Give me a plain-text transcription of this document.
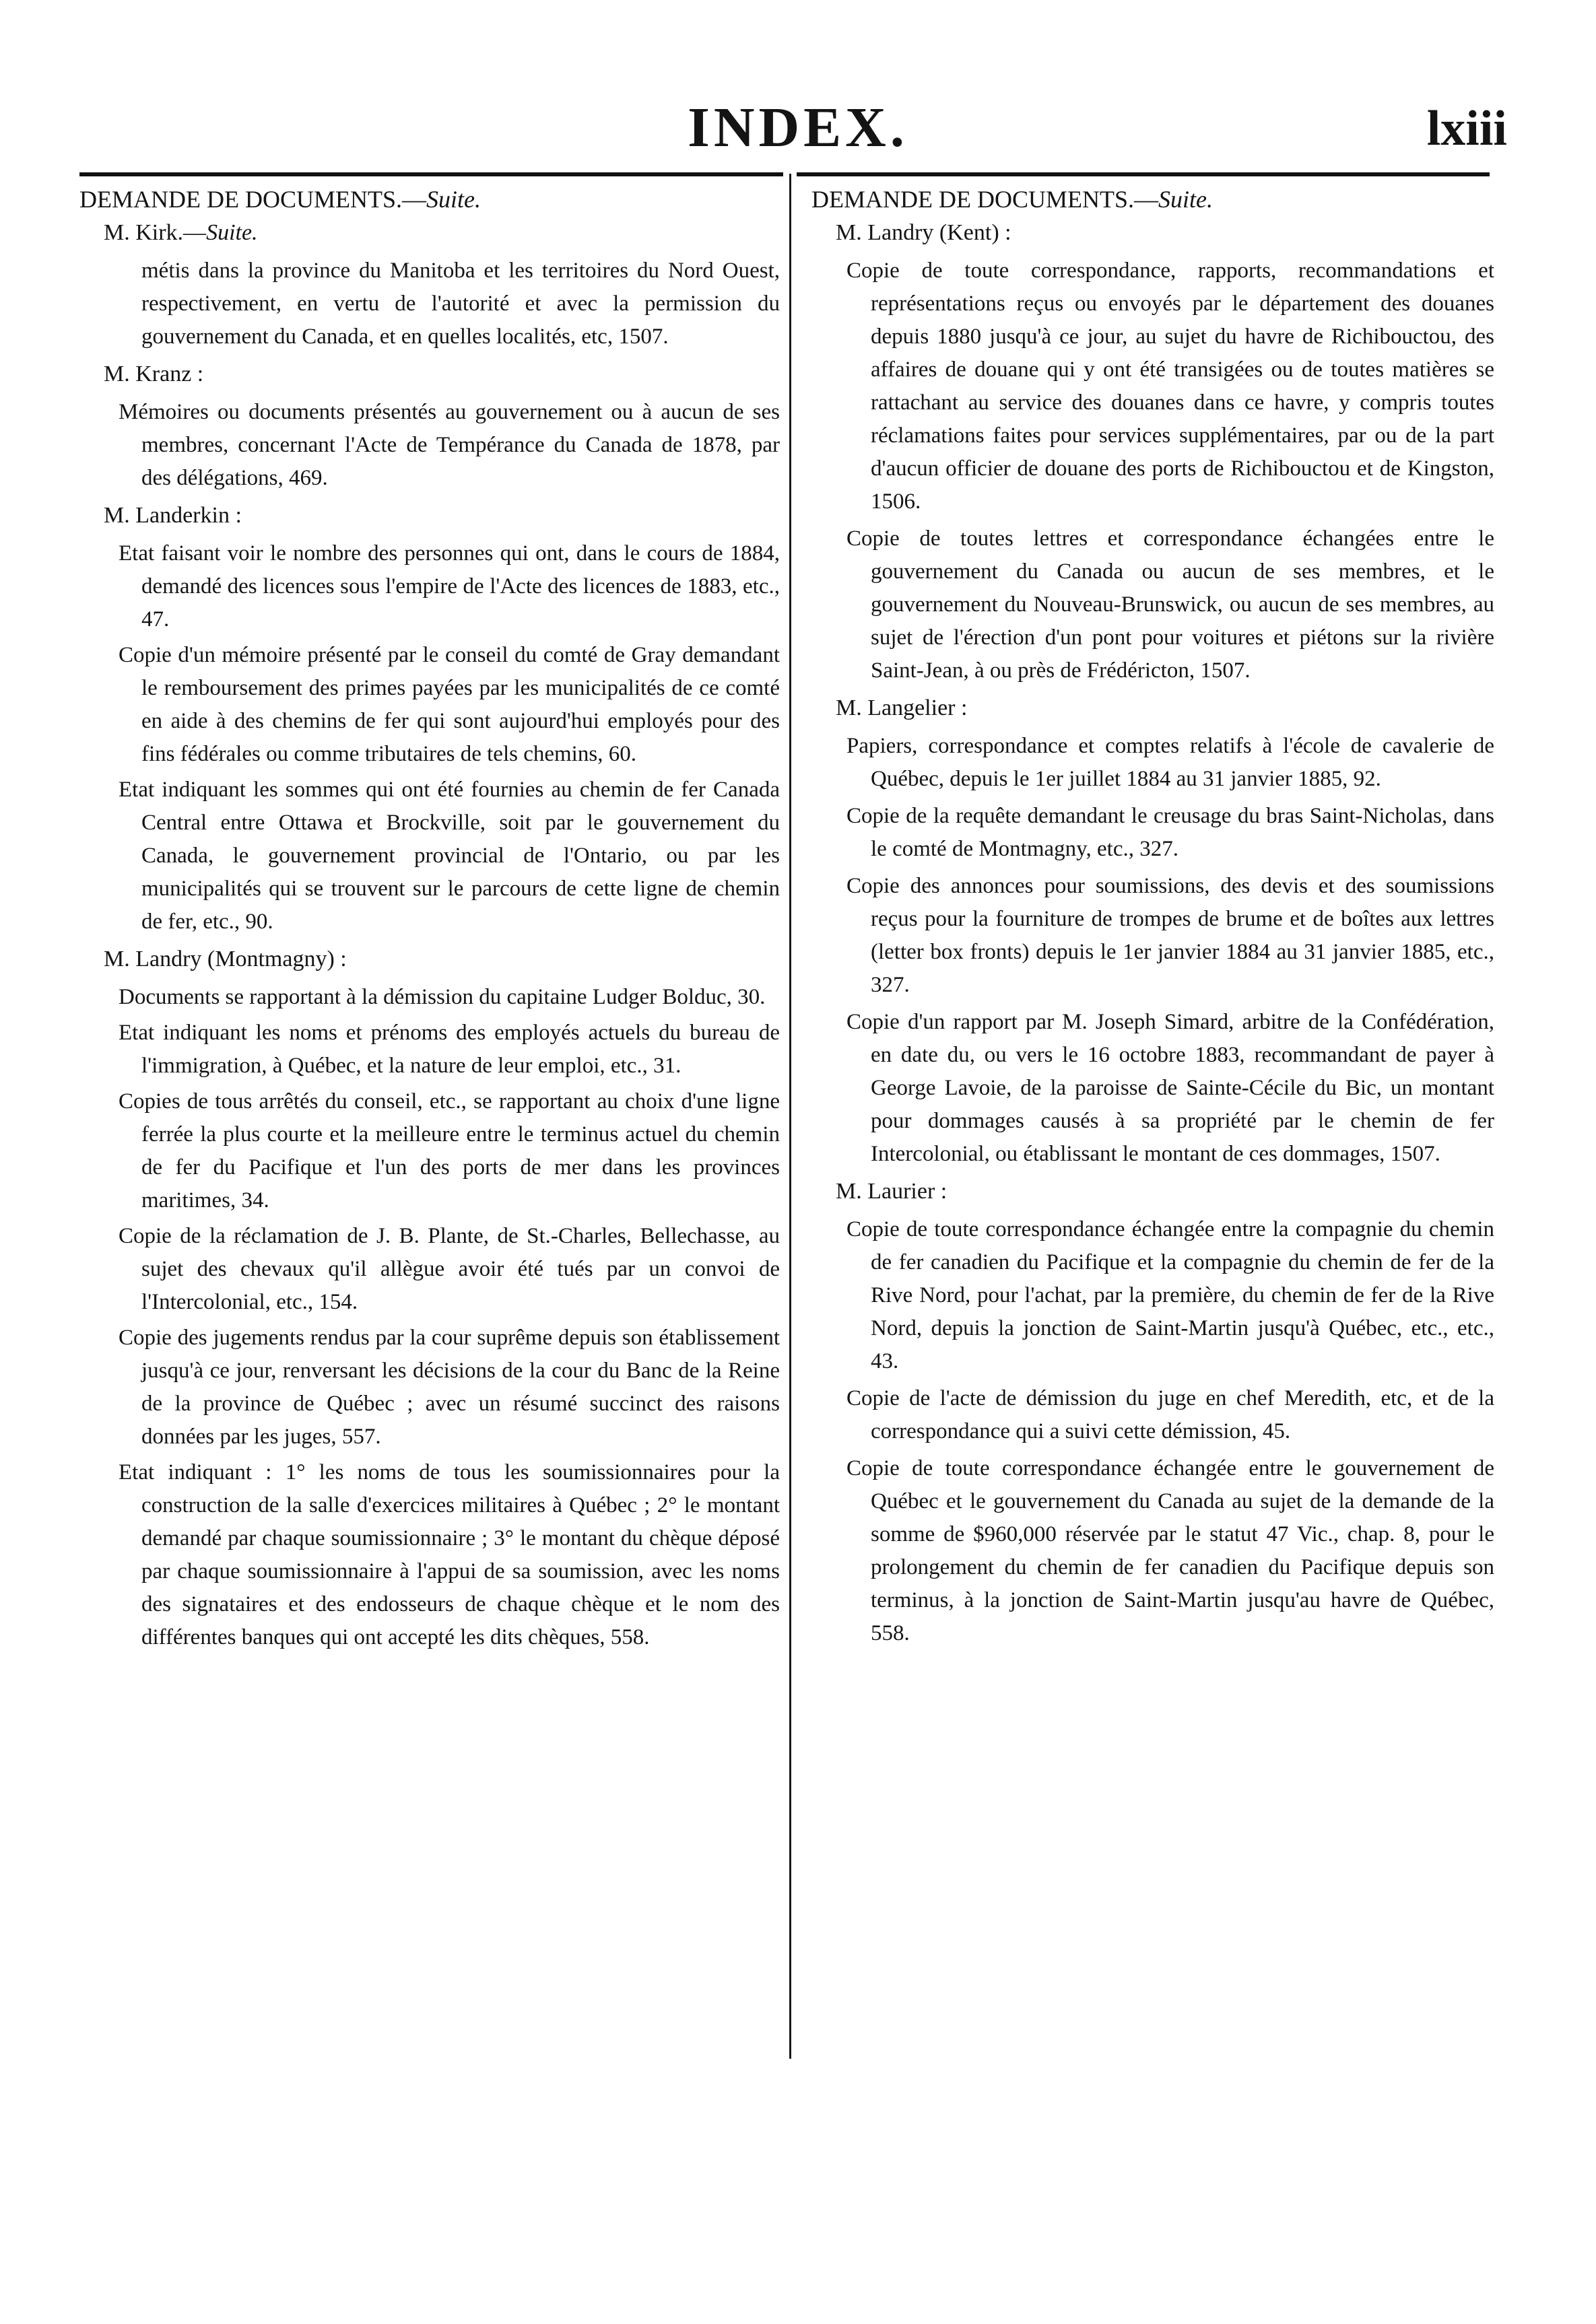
INDEX.	lxiii

DEMANDE DE DOCUMENTS.—Suite.

M. Kirk.—Suite.

métis dans la province du Manitoba et les territoires du Nord Ouest, respectivement, en vertu de l'autorité et avec la permission du gouvernement du Canada, et en quelles localités, etc, 1507.

M. Kranz :

Mémoires ou documents présentés au gouvernement ou à aucun de ses membres, concernant l'Acte de Tempérance du Canada de 1878, par des délégations, 469.

M. Landerkin :

Etat faisant voir le nombre des personnes qui ont, dans le cours de 1884, demandé des licences sous l'empire de l'Acte des licences de 1883, etc., 47.

Copie d'un mémoire présenté par le conseil du comté de Gray demandant le remboursement des primes payées par les municipalités de ce comté en aide à des chemins de fer qui sont aujourd'hui employés pour des fins fédérales ou comme tributaires de tels chemins, 60.

Etat indiquant les sommes qui ont été fournies au chemin de fer Canada Central entre Ottawa et Brockville, soit par le gouvernement du Canada, le gouvernement provincial de l'Ontario, ou par les municipalités qui se trouvent sur le parcours de cette ligne de chemin de fer, etc., 90.

M. Landry (Montmagny) :

Documents se rapportant à la démission du capitaine Ludger Bolduc, 30.

Etat indiquant les noms et prénoms des employés actuels du bureau de l'immigration, à Québec, et la nature de leur emploi, etc., 31.

Copies de tous arrêtés du conseil, etc., se rapportant au choix d'une ligne ferrée la plus courte et la meilleure entre le terminus actuel du chemin de fer du Pacifique et l'un des ports de mer dans les provinces maritimes, 34.

Copie de la réclamation de J. B. Plante, de St.-Charles, Bellechasse, au sujet des chevaux qu'il allègue avoir été tués par un convoi de l'Intercolonial, etc., 154.

Copie des jugements rendus par la cour suprême depuis son établissement jusqu'à ce jour, renversant les décisions de la cour du Banc de la Reine de la province de Québec ; avec un résumé succinct des raisons données par les juges, 557.

Etat indiquant : 1° les noms de tous les soumissionnaires pour la construction de la salle d'exercices militaires à Québec ; 2° le montant demandé par chaque soumissionnaire ; 3° le montant du chèque déposé par chaque soumissionnaire à l'appui de sa soumission, avec les noms des signataires et des endosseurs de chaque chèque et le nom des différentes banques qui ont accepté les dits chèques, 558.

DEMANDE DE DOCUMENTS.—Suite.

M. Landry (Kent) :

Copie de toute correspondance, rapports, recommandations et représentations reçus ou envoyés par le département des douanes depuis 1880 jusqu'à ce jour, au sujet du havre de Richibouctou, des affaires de douane qui y ont été transigées ou de toutes matières se rattachant au service des douanes dans ce havre, y compris toutes réclamations faites pour services supplémentaires, par ou de la part d'aucun officier de douane des ports de Richibouctou et de Kingston, 1506.

Copie de toutes lettres et correspondance échangées entre le gouvernement du Canada ou aucun de ses membres, et le gouvernement du Nouveau-Brunswick, ou aucun de ses membres, au sujet de l'érection d'un pont pour voitures et piétons sur la rivière Saint-Jean, à ou près de Frédéricton, 1507.

M. Langelier :

Papiers, correspondance et comptes relatifs à l'école de cavalerie de Québec, depuis le 1er juillet 1884 au 31 janvier 1885, 92.

Copie de la requête demandant le creusage du bras Saint-Nicholas, dans le comté de Montmagny, etc., 327.

Copie des annonces pour soumissions, des devis et des soumissions reçus pour la fourniture de trompes de brume et de boîtes aux lettres (letter box fronts) depuis le 1er janvier 1884 au 31 janvier 1885, etc., 327.

Copie d'un rapport par M. Joseph Simard, arbitre de la Confédération, en date du, ou vers le 16 octobre 1883, recommandant de payer à George Lavoie, de la paroisse de Sainte-Cécile du Bic, un montant pour dommages causés à sa propriété par le chemin de fer Intercolonial, ou établissant le montant de ces dommages, 1507.

M. Laurier :

Copie de toute correspondance échangée entre la compagnie du chemin de fer canadien du Pacifique et la compagnie du chemin de fer de la Rive Nord, pour l'achat, par la première, du chemin de fer de la Rive Nord, depuis la jonction de Saint-Martin jusqu'à Québec, etc., etc., 43.

Copie de l'acte de démission du juge en chef Meredith, etc, et de la correspondance qui a suivi cette démission, 45.

Copie de toute correspondance échangée entre le gouvernement de Québec et le gouvernement du Canada au sujet de la demande de la somme de $960,000 réservée par le statut 47 Vic., chap. 8, pour le prolongement du chemin de fer canadien du Pacifique depuis son terminus, à la jonction de Saint-Martin jusqu'au havre de Québec, 558.
